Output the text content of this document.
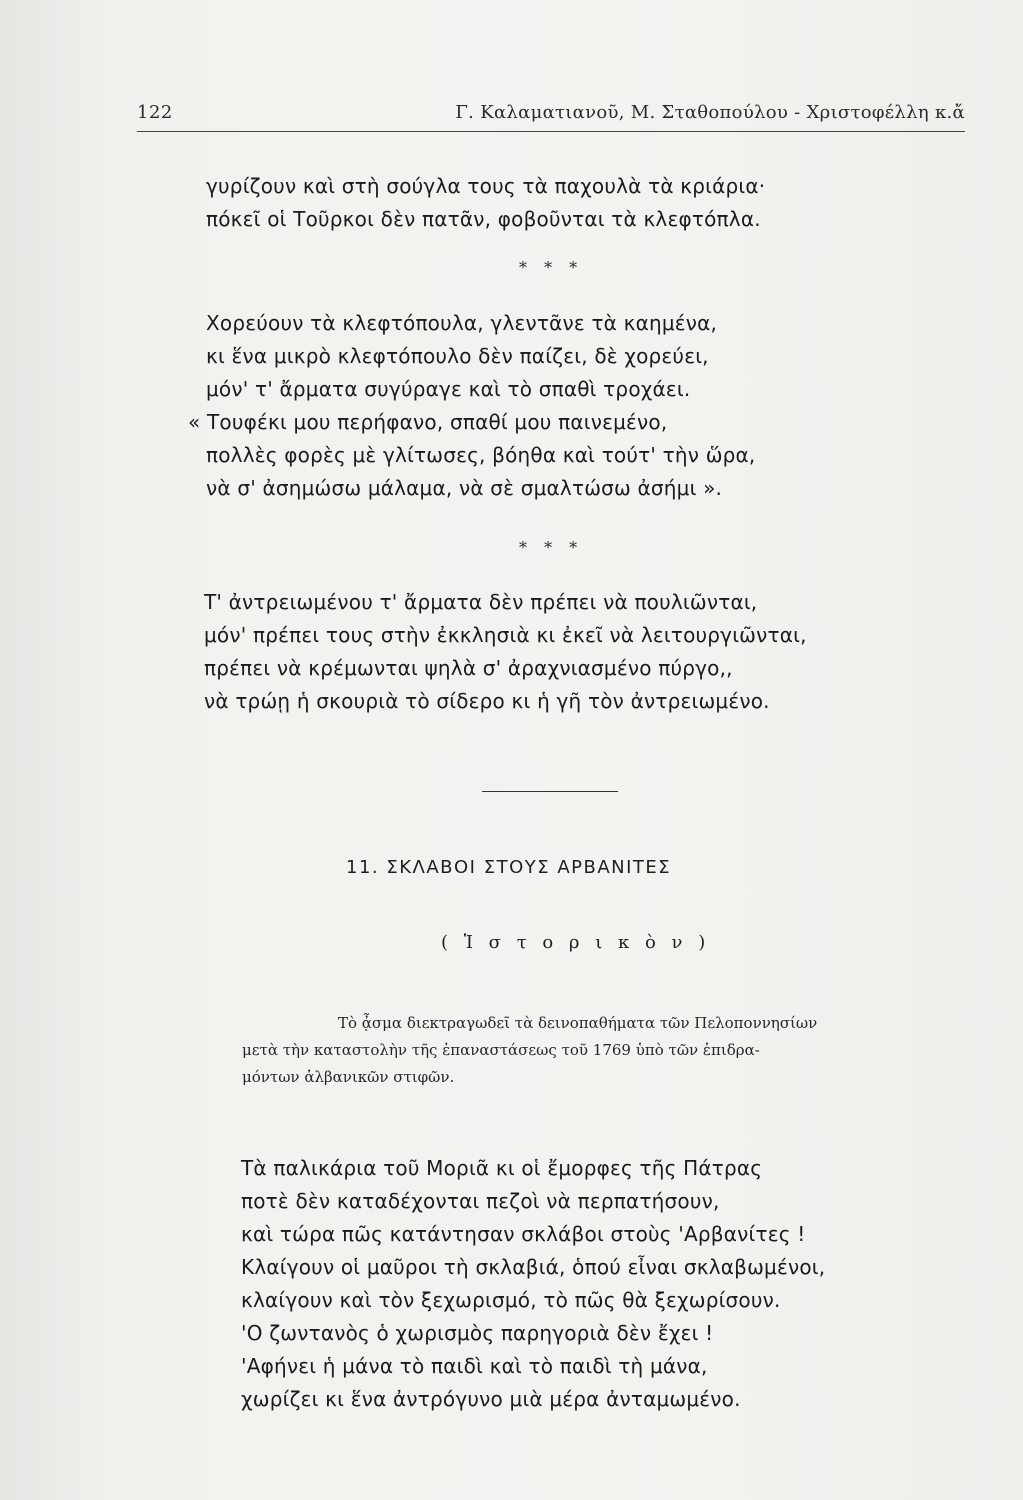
122	Γ. Καλαματιανοῦ, Μ. Σταθοπούλου - Χριστοφέλλη κ.ἄ
γυρίζουν καὶ στὴ σούγλα τους τὰ παχουλὰ τὰ κριάρια·
πόκεῖ οἱ Τοῦρκοι δὲν πατᾶν, φοβοῦνται τὰ κλεφτόπλα.
* * *
Χορεύουν τὰ κλεφτόπουλα, γλεντᾶνε τὰ καημένα,
κι ἕνα μικρὸ κλεφτόπουλο δὲν παίζει, δὲ χορεύει,
μόν' τ' ἄρματα συγύραγε καὶ τὸ σπαθὶ τροχάει.
« Τουφέκι μου περήφανο, σπαθί μου παινεμένο,
πολλὲς φορὲς μὲ γλίτωσες, βόηθα καὶ τούτ' τὴν ὥρα,
νὰ σ' ἀσημώσω μάλαμα, νὰ σὲ σμαλτώσω ἀσήμι ».
* * *
Τ' ἀντρειωμένου τ' ἄρματα δὲν πρέπει νὰ πουλιῶνται,
μόν' πρέπει τους στὴν ἐκκλησιὰ κι ἐκεῖ νὰ λειτουργιῶνται,
πρέπει νὰ κρέμωνται ψηλὰ σ' ἀραχνιασμένο πύργο,,
νὰ τρώῃ ἡ σκουριὰ τὸ σίδερο κι ἡ γῆ τὸν ἀντρειωμένο.
11. ΣΚΛΑΒΟΙ ΣΤΟΥΣ ΑΡΒΑΝΙΤΕΣ
( Ἱ σ τ ο ρ ι κ ὸ ν )
Τὸ ᾆσμα διεκτραγωδεῖ τὰ δεινοπαθήματα τῶν Πελοποννησίων
μετὰ τὴν καταστολὴν τῆς ἐπαναστάσεως τοῦ 1769 ὑπὸ τῶν ἐπιδρα-
μόντων ἀλβανικῶν στιφῶν.
Τὰ παλικάρια τοῦ Μοριᾶ κι οἱ ἔμορφες τῆς Πάτρας
ποτὲ δὲν καταδέχονται πεζοὶ νὰ περπατήσουν,
καὶ τώρα πῶς κατάντησαν σκλάβοι στοὺς 'Αρβανίτες !
Κλαίγουν οἱ μαῦροι τὴ σκλαβιά, ὁπού εἶναι σκλαβωμένοι,
κλαίγουν καὶ τὸν ξεχωρισμό, τὸ πῶς θὰ ξεχωρίσουν.
'Ο ζωντανὸς ὁ χωρισμὸς παρηγοριὰ δὲν ἔχει !
'Αφήνει ἡ μάνα τὸ παιδὶ καὶ τὸ παιδὶ τὴ μάνα,
χωρίζει κι ἕνα ἀντρόγυνο μιὰ μέρα ἀνταμωμένο.
